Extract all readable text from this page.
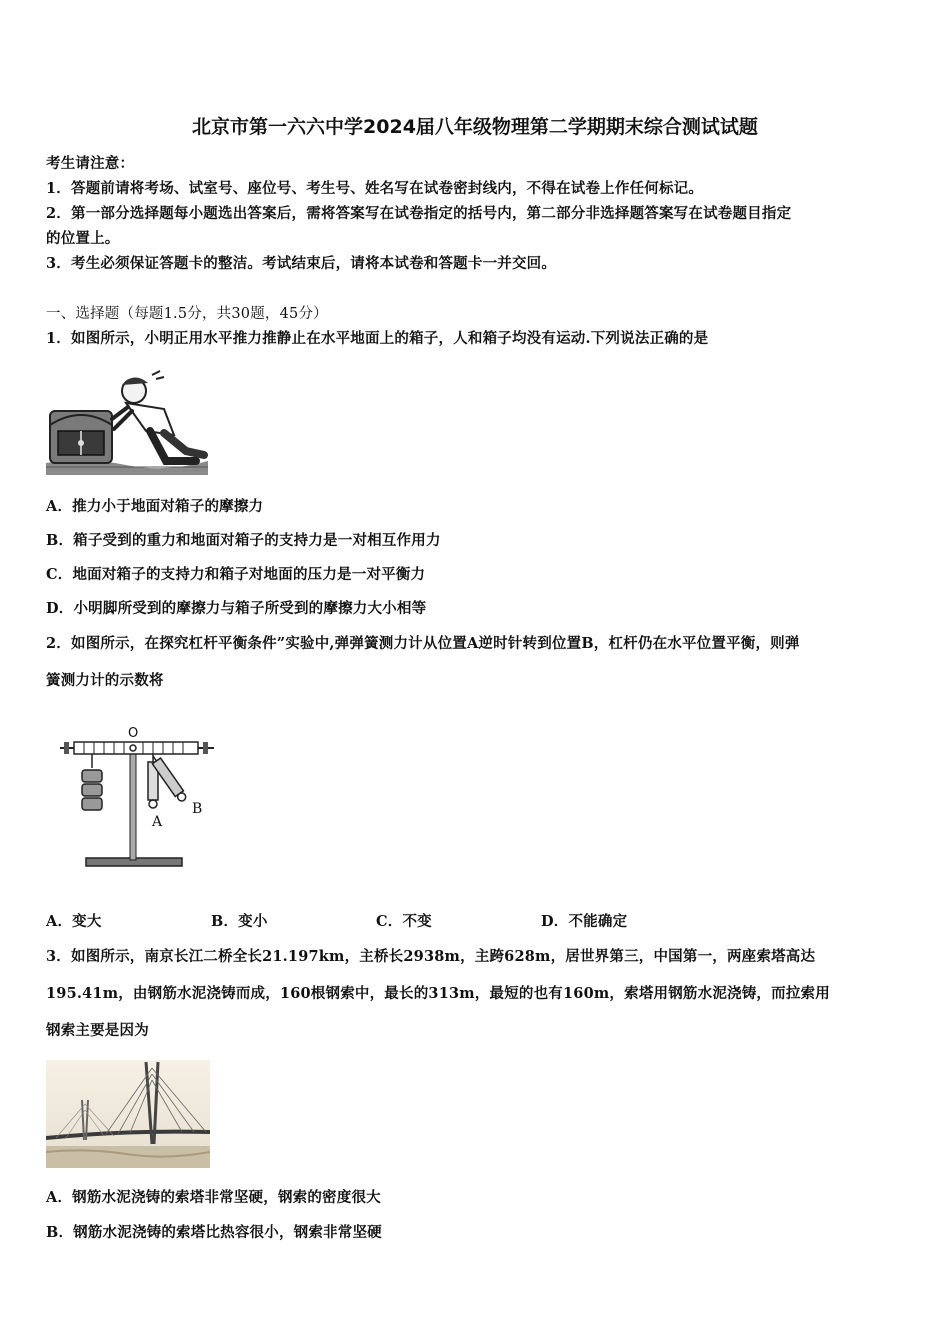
北京市第一六六中学2024届八年级物理第二学期期末综合测试试题
考生请注意：
1．答题前请将考场、试室号、座位号、考生号、姓名写在试卷密封线内，不得在试卷上作任何标记。
2．第一部分选择题每小题选出答案后，需将答案写在试卷指定的括号内，第二部分非选择题答案写在试卷题目指定
的位置上。
3．考生必须保证答题卡的整洁。考试结束后，请将本试卷和答题卡一并交回。
一、选择题（每题1.5分，共30题，45分）
1．如图所示，小明正用水平推力推静止在水平地面上的箱子，人和箱子均没有运动.下列说法正确的是
A．推力小于地面对箱子的摩擦力
B．箱子受到的重力和地面对箱子的支持力是一对相互作用力
C．地面对箱子的支持力和箱子对地面的压力是一对平衡力
D．小明脚所受到的摩擦力与箱子所受到的摩擦力大小相等
2．如图所示，在探究杠杆平衡条件”实验中,弹弹簧测力计从位置A逆时针转到位置B，杠杆仍在水平位置平衡，则弹
簧测力计的示数将
O
A
B
A．变大	B．变小	C．不变	D．不能确定
3．如图所示，南京长江二桥全长21.197km，主桥长2938m，主跨628m，居世界第三，中国第一，两座索塔高达
195.41m，由钢筋水泥浇铸而成，160根钢索中，最长的313m，最短的也有160m，索塔用钢筋水泥浇铸，而拉索用
钢索主要是因为
A．钢筋水泥浇铸的索塔非常坚硬，钢索的密度很大
B．钢筋水泥浇铸的索塔比热容很小，钢索非常坚硬
